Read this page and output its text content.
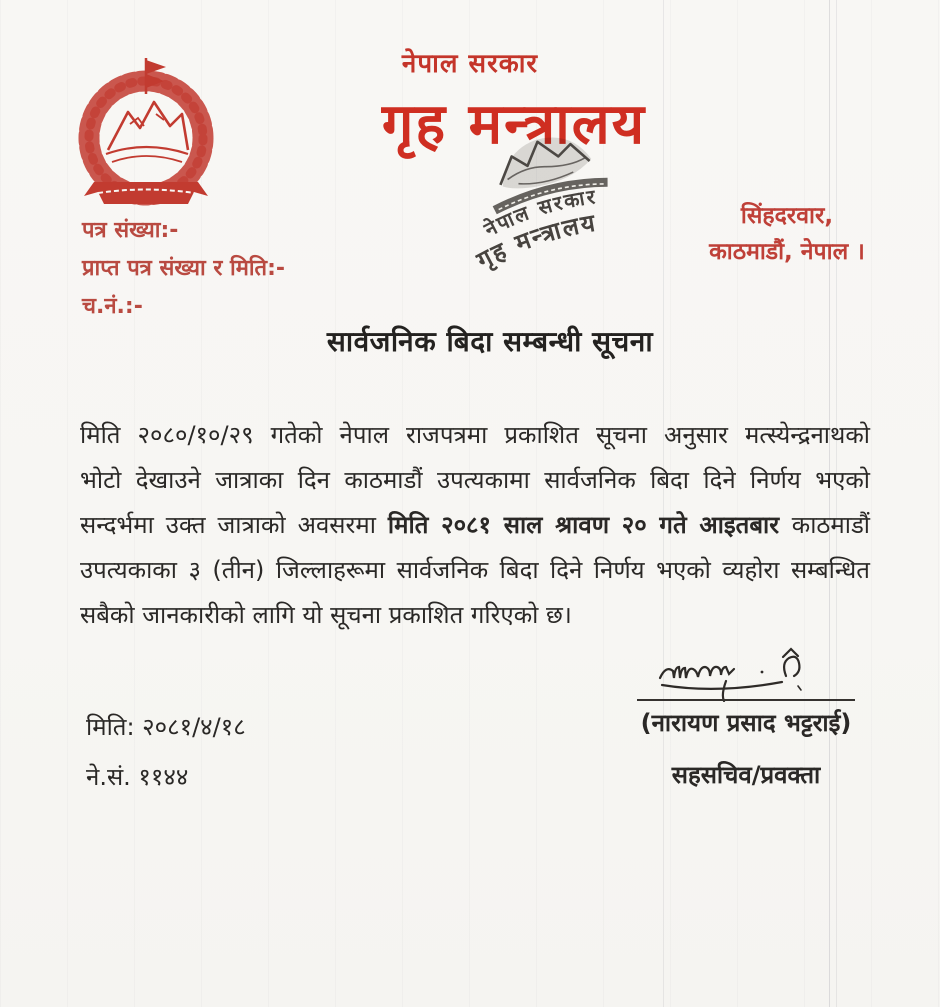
नेपाल सरकार
गृह मन्त्रालय
नेपाल सरकार
गृह मन्त्रालय
पत्र संख्या:-
प्राप्त पत्र संख्या र मिति:-
च.नं.:-
सिंहदरवार,
काठमाडौं, नेपाल ।
सार्वजनिक बिदा सम्बन्धी सूचना
मिति २०८०/१०/२९ गतेको नेपाल राजपत्रमा प्रकाशित सूचना अनुसार मत्स्येन्द्रनाथको
भोटो देखाउने जात्राका दिन काठमाडौं उपत्यकामा सार्वजनिक बिदा दिने निर्णय भएको
सन्दर्भमा उक्त जात्राको अवसरमा मिति २०८१ साल श्रावण २० गते आइतबार काठमाडौं
उपत्यकाका ३ (तीन) जिल्लाहरूमा सार्वजनिक बिदा दिने निर्णय भएको व्यहोरा सम्बन्धित
सबैको जानकारीको लागि यो सूचना प्रकाशित गरिएको छ।
मिति: २०८१/४/१८
ने.सं. ११४४
(नारायण प्रसाद भट्टराई)
सहसचिव/प्रवक्ता
